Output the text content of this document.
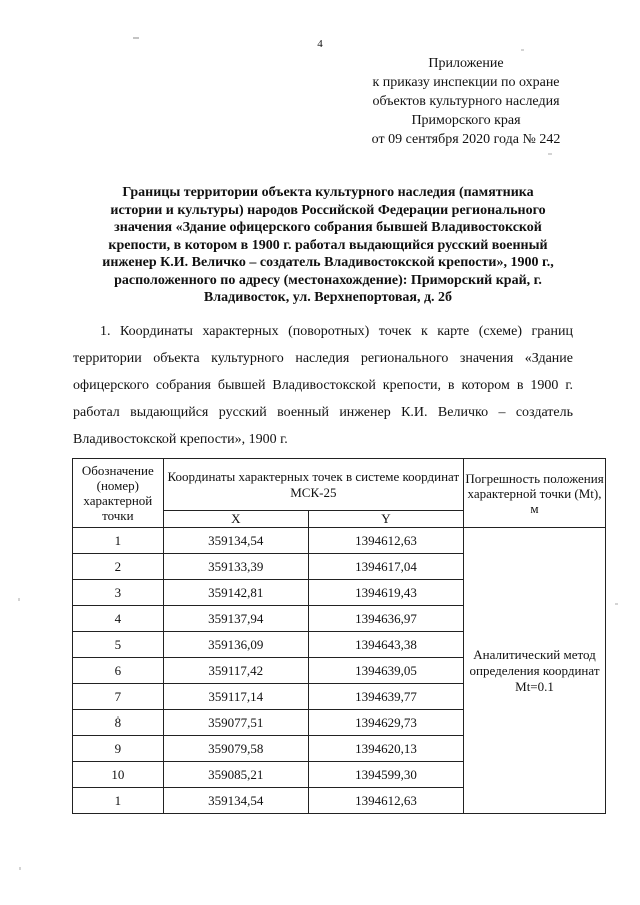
4
Приложение
к приказу инспекции по охране
объектов культурного наследия
Приморского края
от 09 сентября 2020 года № 242
Границы территории объекта культурного наследия (памятника истории и культуры) народов Российской Федерации регионального значения «Здание офицерского собрания бывшей Владивостокской крепости, в котором в 1900 г. работал выдающийся русский военный инженер К.И. Величко – создатель Владивостокской крепости», 1900 г., расположенного по адресу (местонахождение): Приморский край, г. Владивосток, ул. Верхнепортовая, д. 2б

1. Координаты характерных (поворотных) точек к карте (схеме) границ территории объекта культурного наследия регионального значения «Здание офицерского собрания бывшей Владивостокской крепости, в котором в 1900 г. работал выдающийся русский военный инженер К.И. Величко – создатель Владивостокской крепости», 1900 г.

Обозначение (номер) характерной точки	Координаты характерных точек в системе координат МСК-25		Погрешность положения характерной точки (Mt), м
	X	Y	
1	359134,54	1394612,63	Аналитический метод определения координат
Mt=0.1

2	359133,39	1394617,04	
3	359142,81	1394619,43	
4	359137,94	1394636,97	
5	359136,09	1394643,38	
6	359117,42	1394639,05	
7	359117,14	1394639,77	
8	359077,51	1394629,73	
9	359079,58	1394620,13	
10	359085,21	1394599,30	
1	359134,54	1394612,63	
